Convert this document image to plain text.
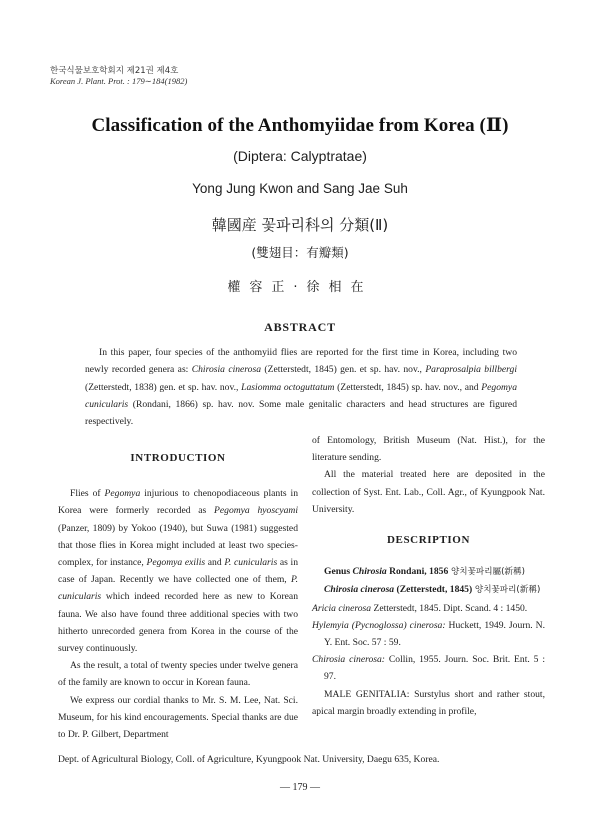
한국식물보호학회지 제21권 제4호
Korean J. Plant. Prot. : 179∼184(1982)
Classification of the Anthomyiidae from Korea (Ⅱ)
(Diptera: Calyptratae)
Yong Jung Kwon and Sang Jae Suh
韓國産 꽃파리科의 分類(Ⅱ)
(雙翅目：有瓣類)
權容正·徐相在
ABSTRACT
In this paper, four species of the anthomyiid flies are reported for the first time in Korea, including two newly recorded genera as: Chirosia cinerosa (Zetterstedt, 1845) gen. et sp. hav. nov., Paraprosalpia billbergi (Zetterstedt, 1838) gen. et sp. hav. nov., Lasiomma octoguttatum (Zetterstedt, 1845) sp. hav. nov., and Pegomya cunicularis (Rondani, 1866) sp. hav. nov. Some male genitalic characters and head structures are figured respectively.

INTRODUCTION

Flies of Pegomya injurious to chenopodiaceous plants in Korea were formerly recorded as Pegomya hyoscyami (Panzer, 1809) by Yokoo (1940), but Suwa (1981) suggested that those flies in Korea might included at least two species-complex, for instance, Pegomya exilis and P. cunicularis as in case of Japan. Recently we have collected one of them, P. cunicularis which indeed recorded here as new to Korean fauna. We also have found three additional species with two hitherto unrecorded genera from Korea in the course of the survey continuously.

As the result, a total of twenty species under twelve genera of the family are known to occur in Korean fauna.

We express our cordial thanks to Mr. S. M. Lee, Nat. Sci. Museum, for his kind encouragements. Special thanks are due to Dr. P. Gilbert, Department

of Entomology, British Museum (Nat. Hist.), for the literature sending.

All the material treated here are deposited in the collection of Syst. Ent. Lab., Coll. Agr., of Kyungpook Nat. University.

DESCRIPTION

Genus Chirosia Rondani, 1856 양치꽃파리屬(新稱)

Chirosia cinerosa (Zetterstedt, 1845) 양치꽃파리(新稱)

Aricia cinerosa Zetterstedt, 1845. Dipt. Scand. 4 : 1450.

Hylemyia (Pycnoglossa) cinerosa: Huckett, 1949. Journ. N. Y. Ent. Soc. 57 : 59.

Chirosia cinerosa: Collin, 1955. Journ. Soc. Brit. Ent. 5 : 97.

MALE GENITALIA: Surstylus short and rather stout, apical margin broadly extending in profile,

Dept. of Agricultural Biology, Coll. of Agriculture, Kyungpook Nat. University, Daegu 635, Korea.
― 179 ―
